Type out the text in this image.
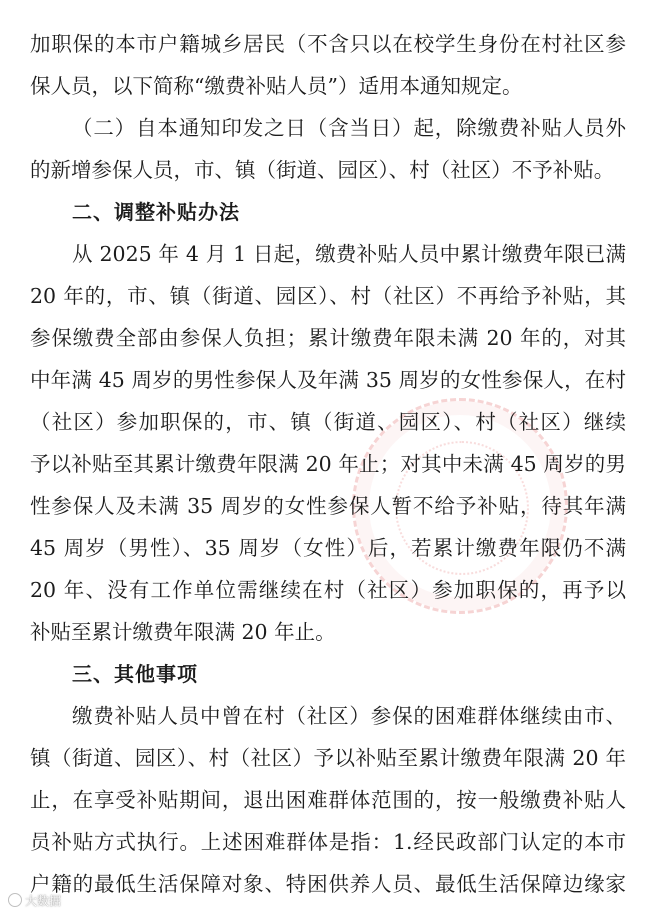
加职保的本市户籍城乡居民（不含只以在校学生身份在村社区参
保人员，以下简称“缴费补贴人员”）适用本通知规定。
（二）自本通知印发之日（含当日）起，除缴费补贴人员外
的新增参保人员，市、镇（街道、园区）、村（社区）不予补贴。
二、调整补贴办法
从 2025 年 4 月 1 日起，缴费补贴人员中累计缴费年限已满
20 年的，市、镇（街道、园区）、村（社区）不再给予补贴，其
参保缴费全部由参保人负担；累计缴费年限未满 20 年的，对其
中年满 45 周岁的男性参保人及年满 35 周岁的女性参保人，在村
（社区）参加职保的，市、镇（街道、园区）、村（社区）继续
予以补贴至其累计缴费年限满 20 年止；对其中未满 45 周岁的男
性参保人及未满 35 周岁的女性参保人暂不给予补贴，待其年满
45 周岁（男性）、35 周岁（女性）后，若累计缴费年限仍不满
20 年、没有工作单位需继续在村（社区）参加职保的，再予以
补贴至累计缴费年限满 20 年止。
三、其他事项
缴费补贴人员中曾在村（社区）参保的困难群体继续由市、
镇（街道、园区）、村（社区）予以补贴至累计缴费年限满 20 年
止，在享受补贴期间，退出困难群体范围的，按一般缴费补贴人
员补贴方式执行。上述困难群体是指：1.经民政部门认定的本市
户籍的最低生活保障对象、特困供养人员、最低生活保障边缘家
大数据
